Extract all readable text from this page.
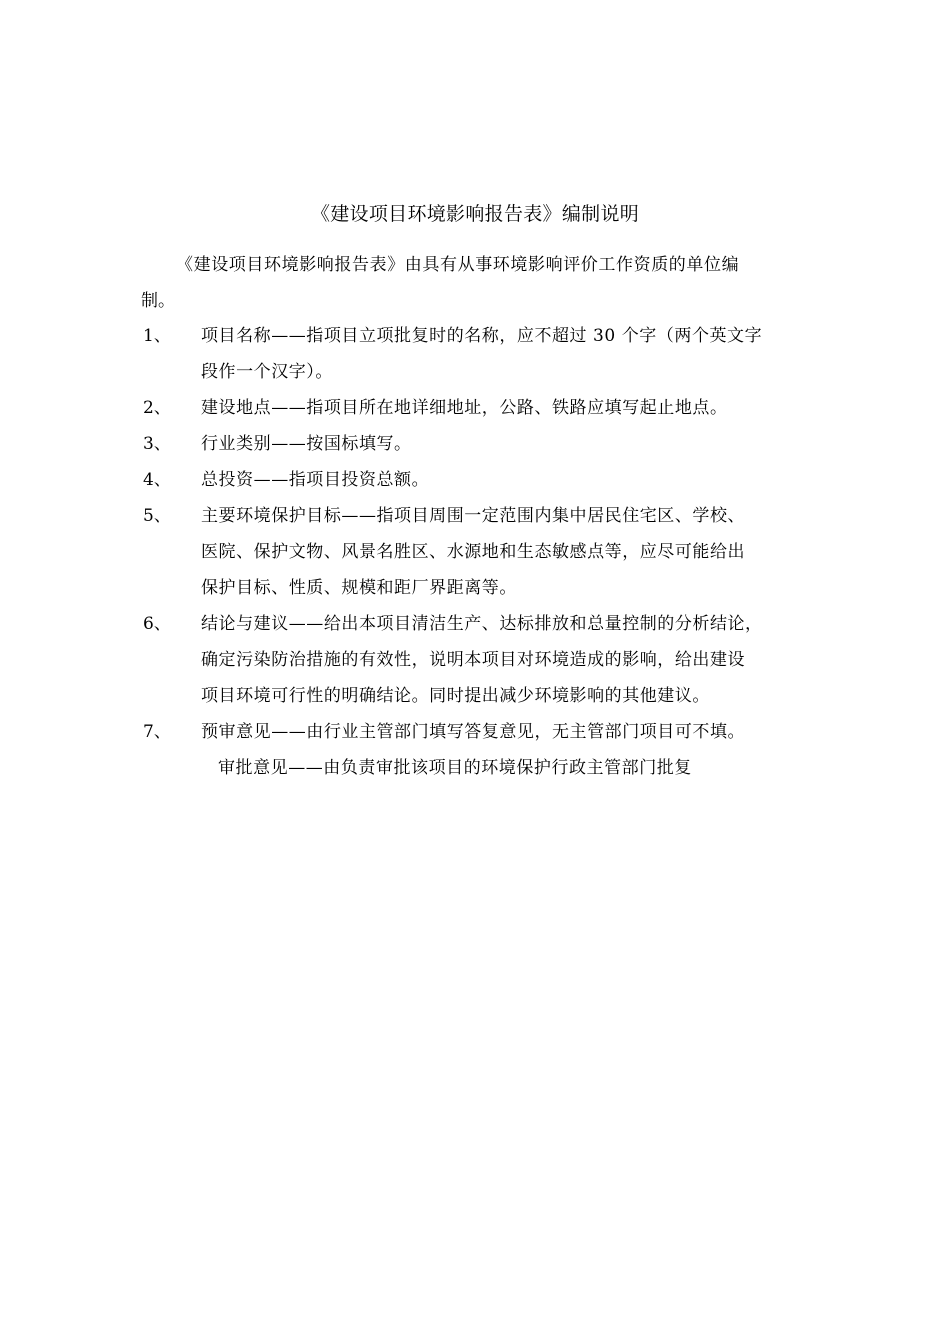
《建设项目环境影响报告表》编制说明
《建设项目环境影响报告表》由具有从事环境影响评价工作资质的单位编
制。
1、 项目名称——指项目立项批复时的名称，应不超过 30 个字（两个英文字
段作一个汉字）。
2、 建设地点——指项目所在地详细地址，公路、铁路应填写起止地点。
3、 行业类别——按国标填写。
4、 总投资——指项目投资总额。
5、 主要环境保护目标——指项目周围一定范围内集中居民住宅区、学校、
医院、保护文物、风景名胜区、水源地和生态敏感点等，应尽可能给出
保护目标、性质、规模和距厂界距离等。
6、 结论与建议——给出本项目清洁生产、达标排放和总量控制的分析结论，
确定污染防治措施的有效性，说明本项目对环境造成的影响，给出建设
项目环境可行性的明确结论。同时提出减少环境影响的其他建议。
7、 预审意见——由行业主管部门填写答复意见，无主管部门项目可不填。
审批意见——由负责审批该项目的环境保护行政主管部门批复
